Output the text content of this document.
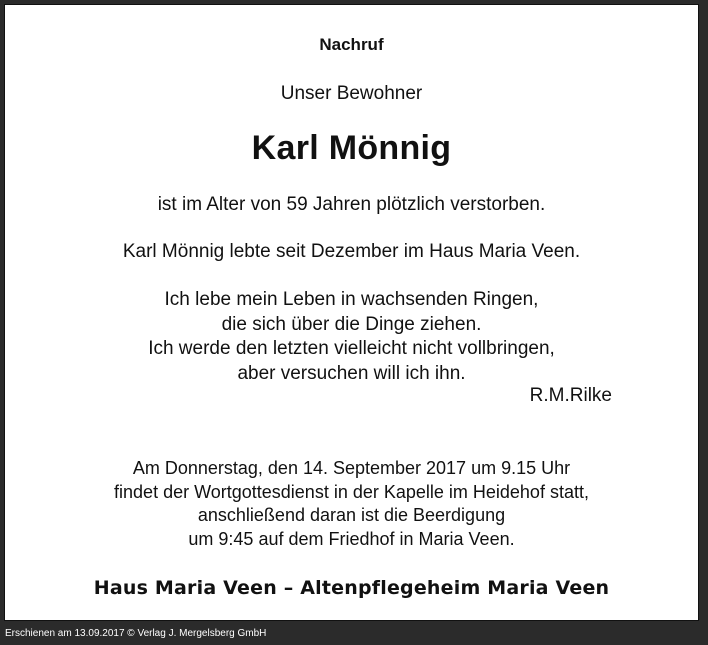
Nachruf
Unser Bewohner
Karl Mönnig
ist im Alter von 59 Jahren plötzlich verstorben.
Karl Mönnig lebte seit Dezember im Haus Maria Veen.
Ich lebe mein Leben in wachsenden Ringen,
die sich über die Dinge ziehen.
Ich werde den letzten vielleicht nicht vollbringen,
aber versuchen will ich ihn.
R.M.Rilke
Am Donnerstag, den 14. September 2017 um 9.15 Uhr
findet der Wortgottesdienst in der Kapelle im Heidehof statt,
anschließend daran ist die Beerdigung
um 9:45 auf dem Friedhof in Maria Veen.
Haus Maria Veen – Altenpflegeheim Maria Veen
Erschienen am 13.09.2017 © Verlag J. Mergelsberg GmbH
